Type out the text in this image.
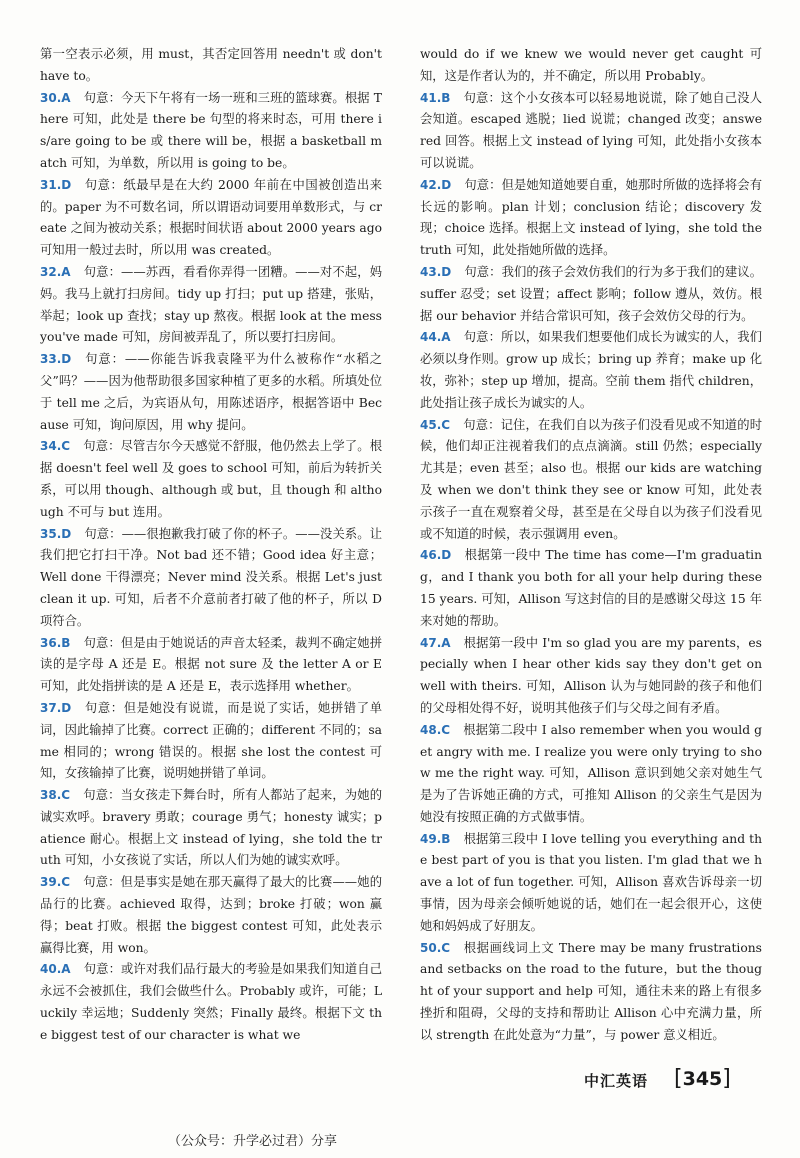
第一空表示必须，用 must，其否定回答用 needn't 或 don't have to。

30.A 句意：今天下午将有一场一班和三班的篮球赛。根据 There 可知，此处是 there be 句型的将来时态，可用 there is/are going to be 或 there will be，根据 a basketball match 可知，为单数，所以用 is going to be。
31.D 句意：纸最早是在大约 2000 年前在中国被创造出来的。paper 为不可数名词，所以谓语动词要用单数形式，与 create 之间为被动关系；根据时间状语 about 2000 years ago 可知用一般过去时，所以用 was created。
32.A 句意：——苏西，看看你弄得一团糟。——对不起，妈妈。我马上就打扫房间。tidy up 打扫；put up 搭建，张贴，举起；look up 查找；stay up 熬夜。根据 look at the mess you've made 可知，房间被弄乱了，所以要打扫房间。
33.D 句意：——你能告诉我袁隆平为什么被称作“水稻之父”吗？——因为他帮助很多国家种植了更多的水稻。所填处位于 tell me 之后，为宾语从句，用陈述语序，根据答语中 Because 可知，询问原因，用 why 提问。
34.C 句意：尽管吉尔今天感觉不舒服，他仍然去上学了。根据 doesn't feel well 及 goes to school 可知，前后为转折关系，可以用 though、although 或 but，且 though 和 although 不可与 but 连用。
35.D 句意：——很抱歉我打破了你的杯子。——没关系。让我们把它打扫干净。Not bad 还不错；Good idea 好主意；Well done 干得漂亮；Never mind 没关系。根据 Let's just clean it up. 可知，后者不介意前者打破了他的杯子，所以 D 项符合。
36.B 句意：但是由于她说话的声音太轻柔，裁判不确定她拼读的是字母 A 还是 E。根据 not sure 及 the letter A or E 可知，此处指拼读的是 A 还是 E，表示选择用 whether。
37.D 句意：但是她没有说谎，而是说了实话，她拼错了单词，因此输掉了比赛。correct 正确的；different 不同的；same 相同的；wrong 错误的。根据 she lost the contest 可知，女孩输掉了比赛，说明她拼错了单词。
38.C 句意：当女孩走下舞台时，所有人都站了起来，为她的诚实欢呼。bravery 勇敢；courage 勇气；honesty 诚实；patience 耐心。根据上文 instead of lying，she told the truth 可知，小女孩说了实话，所以人们为她的诚实欢呼。
39.C 句意：但是事实是她在那天赢得了最大的比赛——她的品行的比赛。achieved 取得，达到；broke 打破；won 赢得；beat 打败。根据 the biggest contest 可知，此处表示赢得比赛，用 won。
40.A 句意：或许对我们品行最大的考验是如果我们知道自己永远不会被抓住，我们会做些什么。Probably 或许，可能；Luckily 幸运地；Suddenly 突然；Finally 最终。根据下文 the biggest test of our character is what we

would do if we knew we would never get caught 可知，这是作者认为的，并不确定，所以用 Probably。

41.B 句意：这个小女孩本可以轻易地说谎，除了她自己没人会知道。escaped 逃脱；lied 说谎；changed 改变；answered 回答。根据上文 instead of lying 可知，此处指小女孩本可以说谎。
42.D 句意：但是她知道她要自重，她那时所做的选择将会有长远的影响。plan 计划；conclusion 结论；discovery 发现；choice 选择。根据上文 instead of lying，she told the truth 可知，此处指她所做的选择。
43.D 句意：我们的孩子会效仿我们的行为多于我们的建议。suffer 忍受；set 设置；affect 影响；follow 遵从，效仿。根据 our behavior 并结合常识可知，孩子会效仿父母的行为。
44.A 句意：所以，如果我们想要他们成长为诚实的人，我们必须以身作则。grow up 成长；bring up 养育；make up 化妆，弥补；step up 增加，提高。空前 them 指代 children，此处指让孩子成长为诚实的人。
45.C 句意：记住，在我们自以为孩子们没看见或不知道的时候，他们却正注视着我们的点点滴滴。still 仍然；especially 尤其是；even 甚至；also 也。根据 our kids are watching 及 when we don't think they see or know 可知，此处表示孩子一直在观察着父母，甚至是在父母自以为孩子们没看见或不知道的时候，表示强调用 even。
46.D 根据第一段中 The time has come—I'm graduating，and I thank you both for all your help during these 15 years. 可知，Allison 写这封信的目的是感谢父母这 15 年来对她的帮助。
47.A 根据第一段中 I'm so glad you are my parents，especially when I hear other kids say they don't get on well with theirs. 可知，Allison 认为与她同龄的孩子和他们的父母相处得不好，说明其他孩子们与父母之间有矛盾。
48.C 根据第二段中 I also remember when you would get angry with me. I realize you were only trying to show me the right way. 可知，Allison 意识到她父亲对她生气是为了告诉她正确的方式，可推知 Allison 的父亲生气是因为她没有按照正确的方式做事情。
49.B 根据第三段中 I love telling you everything and the best part of you is that you listen. I'm glad that we have a lot of fun together. 可知，Allison 喜欢告诉母亲一切事情，因为母亲会倾听她说的话，她们在一起会很开心，这使她和妈妈成了好朋友。
50.C 根据画线词上文 There may be many frustrations and setbacks on the road to the future，but the thought of your support and help 可知，通往未来的路上有很多挫折和阻碍，父母的支持和帮助让 Allison 心中充满力量，所以 strength 在此处意为“力量”，与 power 意义相近。

中汇英语 [345]
（公众号：升学必过君）分享
